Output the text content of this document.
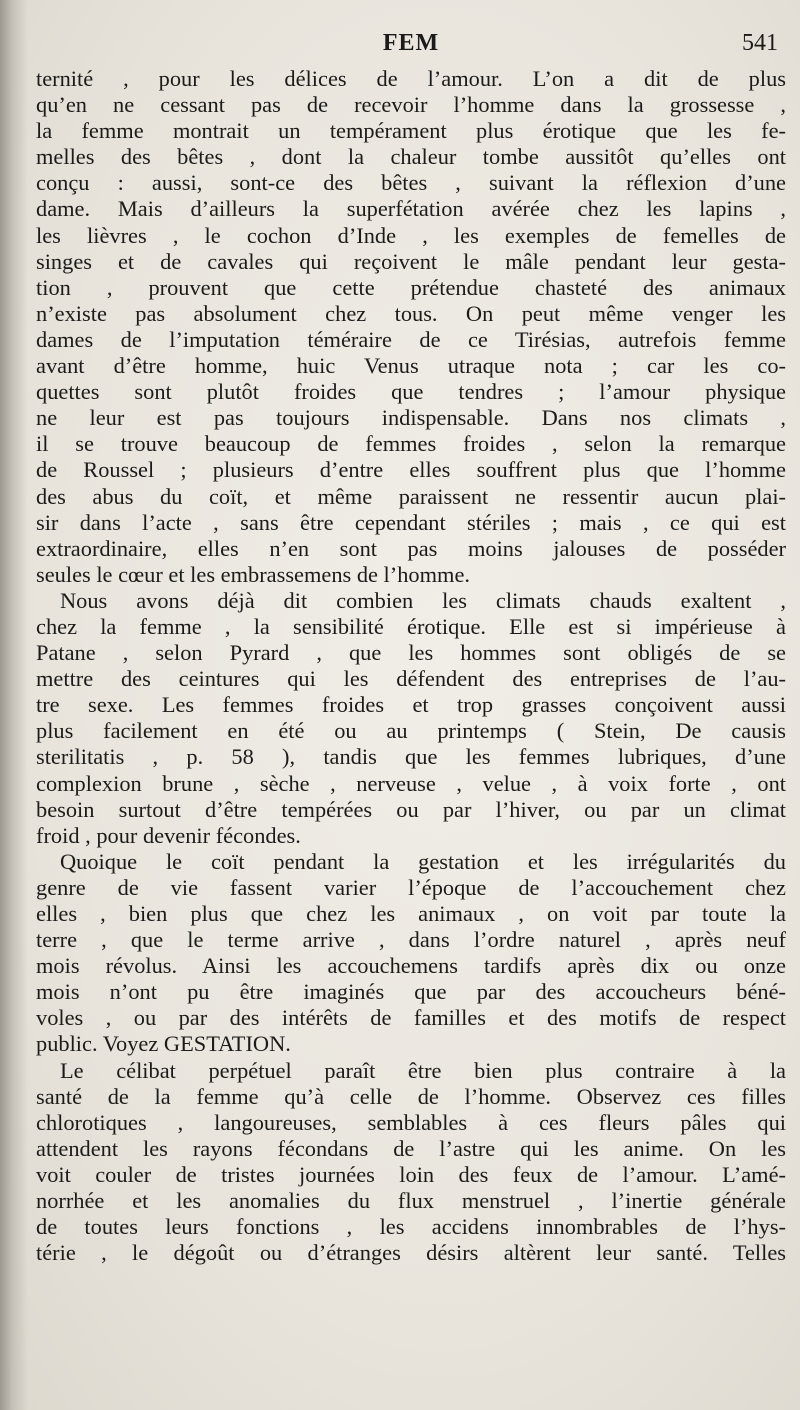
FEM	541
ternité , pour les délices de l’amour. L’on a dit de plus
qu’en ne cessant pas de recevoir l’homme dans la grossesse ,
la femme montrait un tempérament plus érotique que les fe-
melles des bêtes , dont la chaleur tombe aussitôt qu’elles ont
conçu : aussi, sont-ce des bêtes , suivant la réflexion d’une
dame. Mais d’ailleurs la superfétation avérée chez les lapins ,
les lièvres , le cochon d’Inde , les exemples de femelles de
singes et de cavales qui reçoivent le mâle pendant leur gesta-
tion , prouvent que cette prétendue chasteté des animaux
n’existe pas absolument chez tous. On peut même venger les
dames de l’imputation téméraire de ce Tirésias, autrefois femme
avant d’être homme, huic Venus utraque nota ; car les co-
quettes sont plutôt froides que tendres ; l’amour physique
ne leur est pas toujours indispensable. Dans nos climats ,
il se trouve beaucoup de femmes froides , selon la remarque
de Roussel ; plusieurs d’entre elles souffrent plus que l’homme
des abus du coït, et même paraissent ne ressentir aucun plai-
sir dans l’acte , sans être cependant stériles ; mais , ce qui est
extraordinaire, elles n’en sont pas moins jalouses de posséder
seules le cœur et les embrassemens de l’homme.
Nous avons déjà dit combien les climats chauds exaltent ,
chez la femme , la sensibilité érotique. Elle est si impérieuse à
Patane , selon Pyrard , que les hommes sont obligés de se
mettre des ceintures qui les défendent des entreprises de l’au-
tre sexe. Les femmes froides et trop grasses conçoivent aussi
plus facilement en été ou au printemps ( Stein, De causis
sterilitatis , p. 58 ), tandis que les femmes lubriques, d’une
complexion brune , sèche , nerveuse , velue , à voix forte , ont
besoin surtout d’être tempérées ou par l’hiver, ou par un climat
froid , pour devenir fécondes.
Quoique le coït pendant la gestation et les irrégularités du
genre de vie fassent varier l’époque de l’accouchement chez
elles , bien plus que chez les animaux , on voit par toute la
terre , que le terme arrive , dans l’ordre naturel , après neuf
mois révolus. Ainsi les accouchemens tardifs après dix ou onze
mois n’ont pu être imaginés que par des accoucheurs béné-
voles , ou par des intérêts de familles et des motifs de respect
public. Voyez GESTATION.
Le célibat perpétuel paraît être bien plus contraire à la
santé de la femme qu’à celle de l’homme. Observez ces filles
chlorotiques , langoureuses, semblables à ces fleurs pâles qui
attendent les rayons fécondans de l’astre qui les anime. On les
voit couler de tristes journées loin des feux de l’amour. L’amé-
norrhée et les anomalies du flux menstruel , l’inertie générale
de toutes leurs fonctions , les accidens innombrables de l’hys-
térie , le dégoût ou d’étranges désirs altèrent leur santé. Telles
